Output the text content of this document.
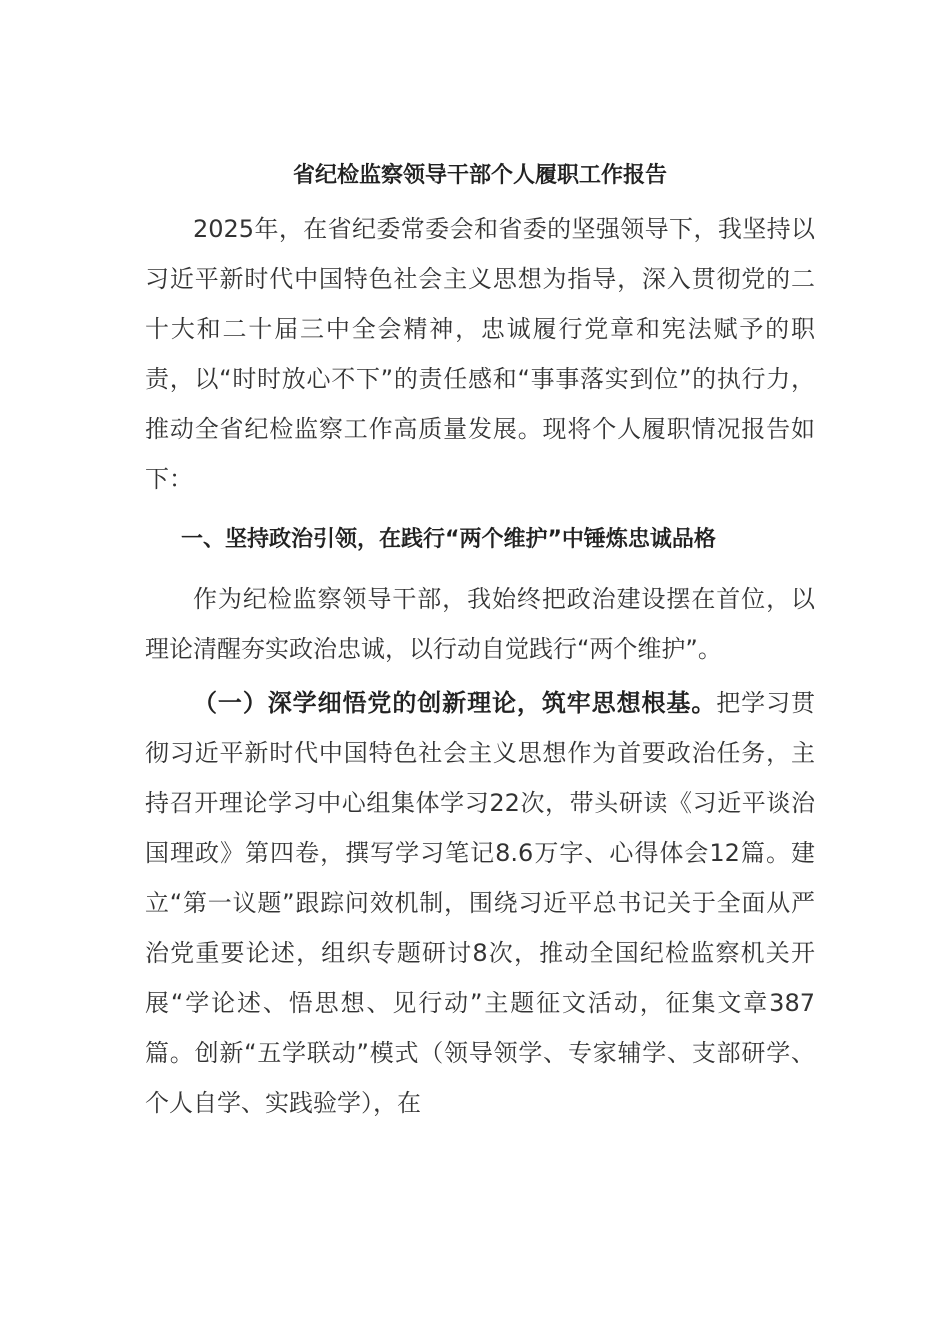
省纪检监察领导干部个人履职工作报告

2025年，在省纪委常委会和省委的坚强领导下，我坚持以习近平新时代中国特色社会主义思想为指导，深入贯彻党的二十大和二十届三中全会精神，忠诚履行党章和宪法赋予的职责，以“时时放心不下”的责任感和“事事落实到位”的执行力，推动全省纪检监察工作高质量发展。现将个人履职情况报告如下：

一、坚持政治引领，在践行“两个维护”中锤炼忠诚品格

作为纪检监察领导干部，我始终把政治建设摆在首位，以理论清醒夯实政治忠诚，以行动自觉践行“两个维护”。

（一）深学细悟党的创新理论，筑牢思想根基。把学习贯彻习近平新时代中国特色社会主义思想作为首要政治任务，主持召开理论学习中心组集体学习22次，带头研读《习近平谈治国理政》第四卷，撰写学习笔记8.6万字、心得体会12篇。建立“第一议题”跟踪问效机制，围绕习近平总书记关于全面从严治党重要论述，组织专题研讨8次，推动全国纪检监察机关开展“学论述、悟思想、见行动”主题征文活动，征集文章387篇。创新“五学联动”模式（领导领学、专家辅学、支部研学、个人自学、实践验学），在
